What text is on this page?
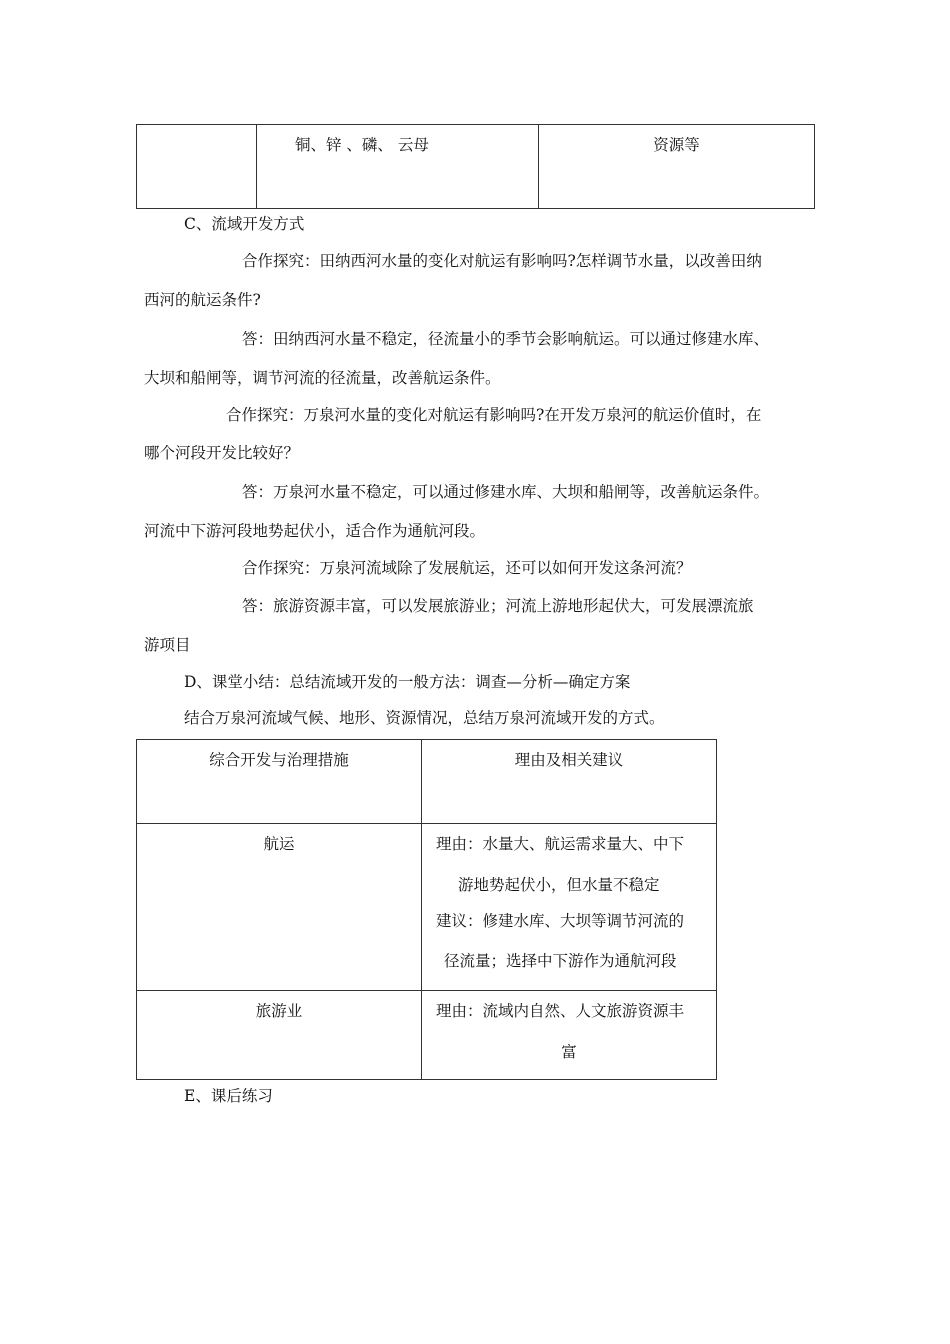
	铜、锌 、磷、 云母	资源等
C、流域开发方式
合作探究：田纳西河水量的变化对航运有影响吗?怎样调节水量，以改善田纳
西河的航运条件?
答：田纳西河水量不稳定，径流量小的季节会影响航运。可以通过修建水库、
大坝和船闸等，调节河流的径流量，改善航运条件。
合作探究：万泉河水量的变化对航运有影响吗?在开发万泉河的航运价值时，在
哪个河段开发比较好？
答：万泉河水量不稳定，可以通过修建水库、大坝和船闸等，改善航运条件。
河流中下游河段地势起伏小，适合作为通航河段。
合作探究：万泉河流域除了发展航运，还可以如何开发这条河流？
答：旅游资源丰富，可以发展旅游业；河流上游地形起伏大，可发展漂流旅
游项目
D、课堂小结：总结流域开发的一般方法：调查—分析—确定方案
结合万泉河流域气候、地形、资源情况，总结万泉河流域开发的方式。
综合开发与治理措施	理由及相关建议
航运	理由：水量大、航运需求量大、中下
游地势起伏小，但水量不稳定
建议：修建水库、大坝等调节河流的
径流量；选择中下游作为通航河段

旅游业	理由：流域内自然、人文旅游资源丰
富
E、课后练习
